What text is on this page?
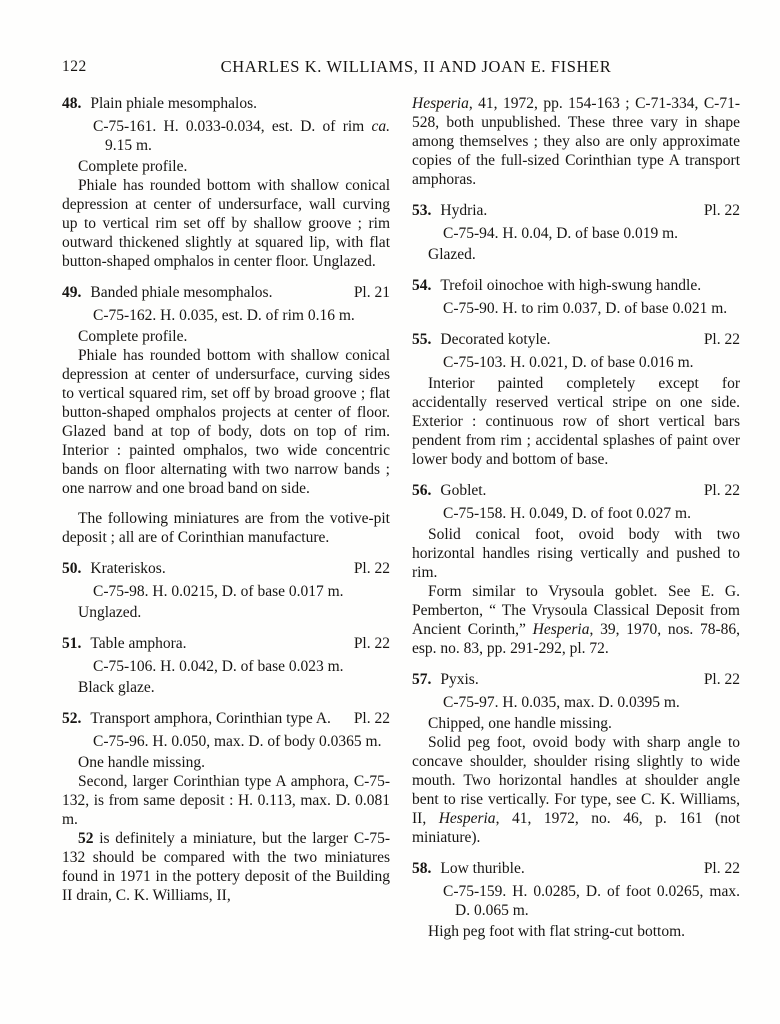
122	CHARLES K. WILLIAMS, II AND JOAN E. FISHER
48. Plain phiale mesomphalos.
C-75-161. H. 0.033-0.034, est. D. of rim ca. 9.15 m.

Complete profile.

Phiale has rounded bottom with shallow conical depression at center of undersurface, wall curving up to vertical rim set off by shallow groove ; rim outward thickened slightly at squared lip, with flat button-shaped omphalos in center floor. Unglazed.

49. Banded phiale mesomphalos.	Pl. 21
C-75-162. H. 0.035, est. D. of rim 0.16 m.

Complete profile.

Phiale has rounded bottom with shallow conical depression at center of undersurface, curving sides to vertical squared rim, set off by broad groove ; flat button-shaped omphalos projects at center of floor. Glazed band at top of body, dots on top of rim. Interior : painted omphalos, two wide concentric bands on floor alternating with two narrow bands ; one narrow and one broad band on side.

The following miniatures are from the votive-pit deposit ; all are of Corinthian manufacture.

50. Krateriskos.	Pl. 22
C-75-98. H. 0.0215, D. of base 0.017 m.

Unglazed.

51. Table amphora.	Pl. 22
C-75-106. H. 0.042, D. of base 0.023 m.

Black glaze.

52. Transport amphora, Corinthian type A. Pl. 22
C-75-96. H. 0.050, max. D. of body 0.0365 m.

One handle missing.

Second, larger Corinthian type A amphora, C-75-132, is from same deposit : H. 0.113, max. D. 0.081 m.

52 is definitely a miniature, but the larger C-75-132 should be compared with the two miniatures found in 1971 in the pottery deposit of the Building II drain, C. K. Williams, II,

Hesperia, 41, 1972, pp. 154-163 ; C-71-334, C-71-528, both unpublished. These three vary in shape among themselves ; they also are only approximate copies of the full-sized Corinthian type A transport amphoras.

53. Hydria.	Pl. 22
C-75-94. H. 0.04, D. of base 0.019 m.

Glazed.

54. Trefoil oinochoe with high-swung handle.
C-75-90. H. to rim 0.037, D. of base 0.021 m.
55. Decorated kotyle.	Pl. 22
C-75-103. H. 0.021, D. of base 0.016 m.

Interior painted completely except for accidentally reserved vertical stripe on one side. Exterior : continuous row of short vertical bars pendent from rim ; accidental splashes of paint over lower body and bottom of base.

56. Goblet.	Pl. 22
C-75-158. H. 0.049, D. of foot 0.027 m.

Solid conical foot, ovoid body with two horizontal handles rising vertically and pushed to rim.

Form similar to Vrysoula goblet. See E. G. Pemberton, “ The Vrysoula Classical Deposit from Ancient Corinth,” Hesperia, 39, 1970, nos. 78-86, esp. no. 83, pp. 291-292, pl. 72.

57. Pyxis.	Pl. 22
C-75-97. H. 0.035, max. D. 0.0395 m.

Chipped, one handle missing.

Solid peg foot, ovoid body with sharp angle to concave shoulder, shoulder rising slightly to wide mouth. Two horizontal handles at shoulder angle bent to rise vertically. For type, see C. K. Williams, II, Hesperia, 41, 1972, no. 46, p. 161 (not miniature).

58. Low thurible.	Pl. 22
C-75-159. H. 0.0285, D. of foot 0.0265, max. D. 0.065 m.

High peg foot with flat string-cut bottom.
